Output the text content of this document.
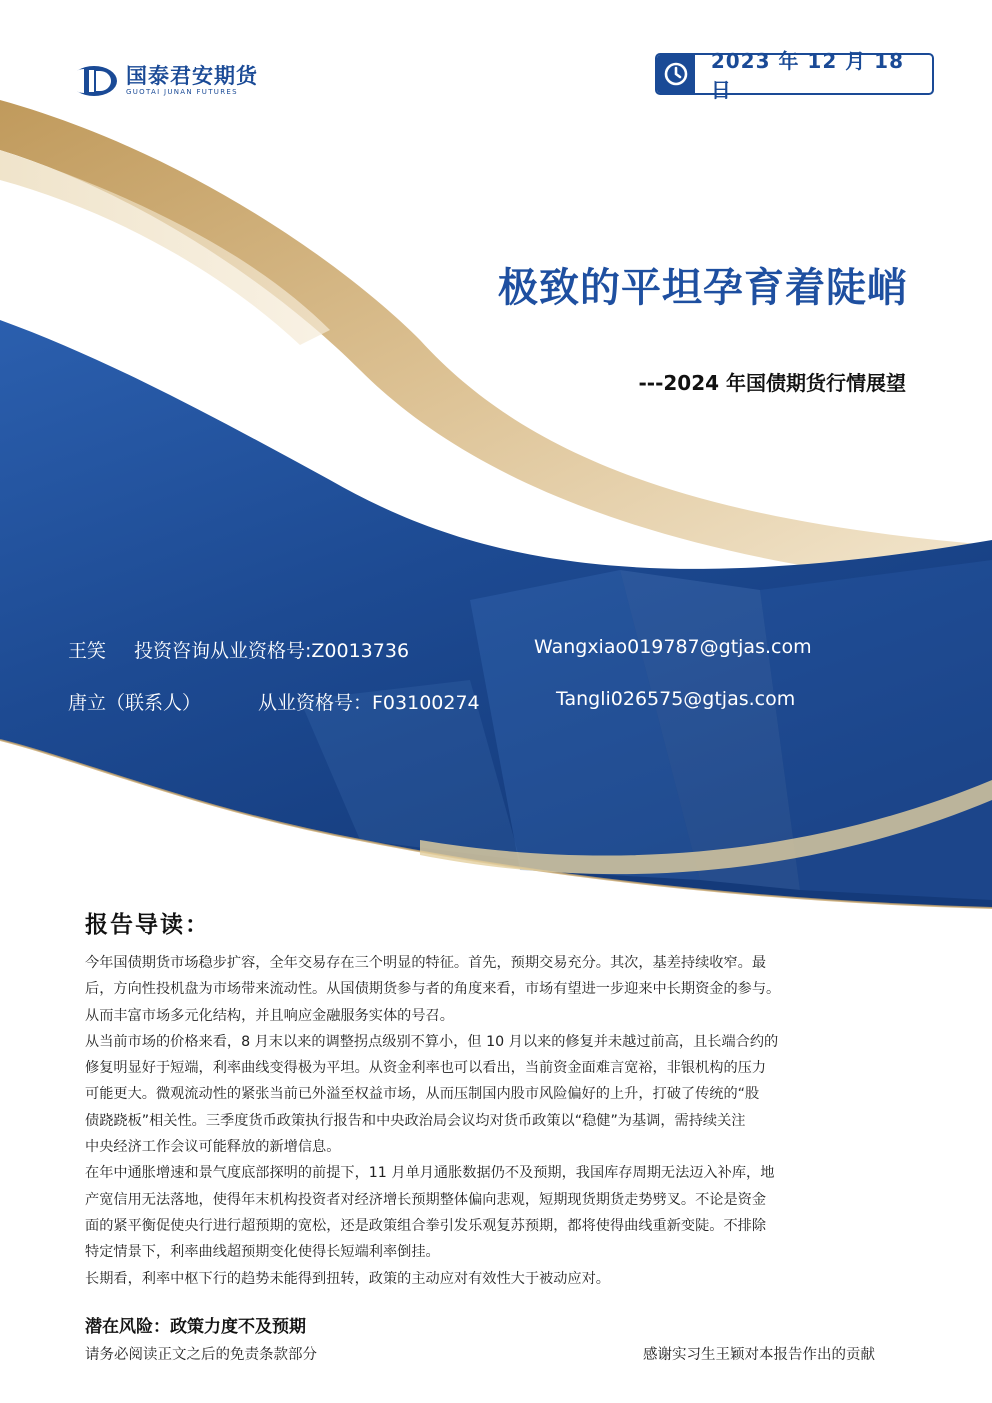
国泰君安期货
GUOTAI JUNAN FUTURES
2023 年 12 月 18 日
极致的平坦孕育着陡峭
---2024 年国债期货行情展望
王笑 投资咨询从业资格号:Z0013736	Wangxiao019787@gtjas.com
唐立（联系人）	从业资格号：F03100274	Tangli026575@gtjas.com
报告导读：

今年国债期货市场稳步扩容，全年交易存在三个明显的特征。首先，预期交易充分。其次，基差持续收窄。最

后，方向性投机盘为市场带来流动性。从国债期货参与者的角度来看，市场有望进一步迎来中长期资金的参与。

从而丰富市场多元化结构，并且响应金融服务实体的号召。

从当前市场的价格来看，8 月末以来的调整拐点级别不算小，但 10 月以来的修复并未越过前高，且长端合约的

修复明显好于短端，利率曲线变得极为平坦。从资金利率也可以看出，当前资金面难言宽裕，非银机构的压力

可能更大。微观流动性的紧张当前已外溢至权益市场，从而压制国内股市风险偏好的上升，打破了传统的“股

债跷跷板”相关性。三季度货币政策执行报告和中央政治局会议均对货币政策以“稳健”为基调，需持续关注

中央经济工作会议可能释放的新增信息。

在年中通胀增速和景气度底部探明的前提下，11 月单月通胀数据仍不及预期，我国库存周期无法迈入补库，地

产宽信用无法落地，使得年末机构投资者对经济增长预期整体偏向悲观，短期现货期货走势劈叉。不论是资金

面的紧平衡促使央行进行超预期的宽松，还是政策组合拳引发乐观复苏预期，都将使得曲线重新变陡。不排除

特定情景下，利率曲线超预期变化使得长短端利率倒挂。

长期看，利率中枢下行的趋势未能得到扭转，政策的主动应对有效性大于被动应对。

潜在风险：政策力度不及预期
请务必阅读正文之后的免责条款部分	感谢实习生王颖对本报告作出的贡献
